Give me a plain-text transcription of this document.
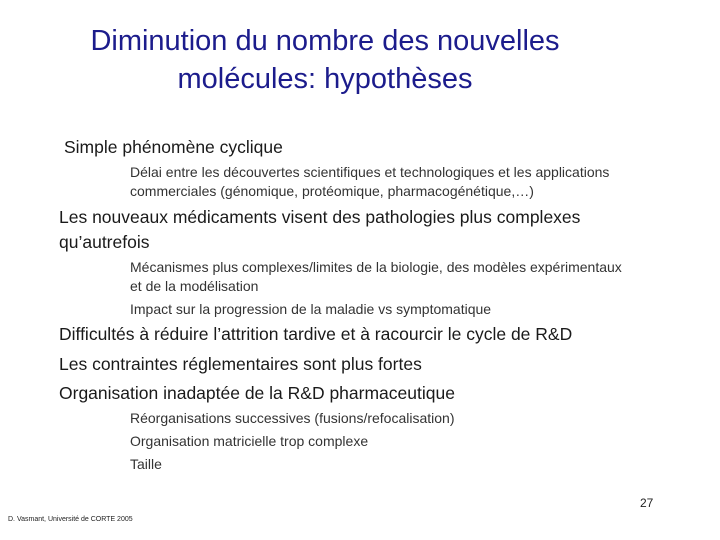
Diminution du nombre des nouvelles
molécules: hypothèses
Simple phénomène cyclique
Délai entre les découvertes scientifiques et technologiques et les applications
commerciales (génomique, protéomique, pharmacogénétique,…)
Les nouveaux médicaments visent des pathologies plus complexes
qu’autrefois
Mécanismes plus complexes/limites de la biologie, des modèles expérimentaux
et de la modélisation
Impact sur la progression de la maladie vs symptomatique
Difficultés à réduire l’attrition tardive et à racourcir le cycle de R&D
Les contraintes réglementaires sont plus fortes
Organisation inadaptée de la R&D pharmaceutique
Réorganisations successives (fusions/refocalisation)
Organisation matricielle trop complexe
Taille
27
D. Vasmant, Université de CORTE 2005
